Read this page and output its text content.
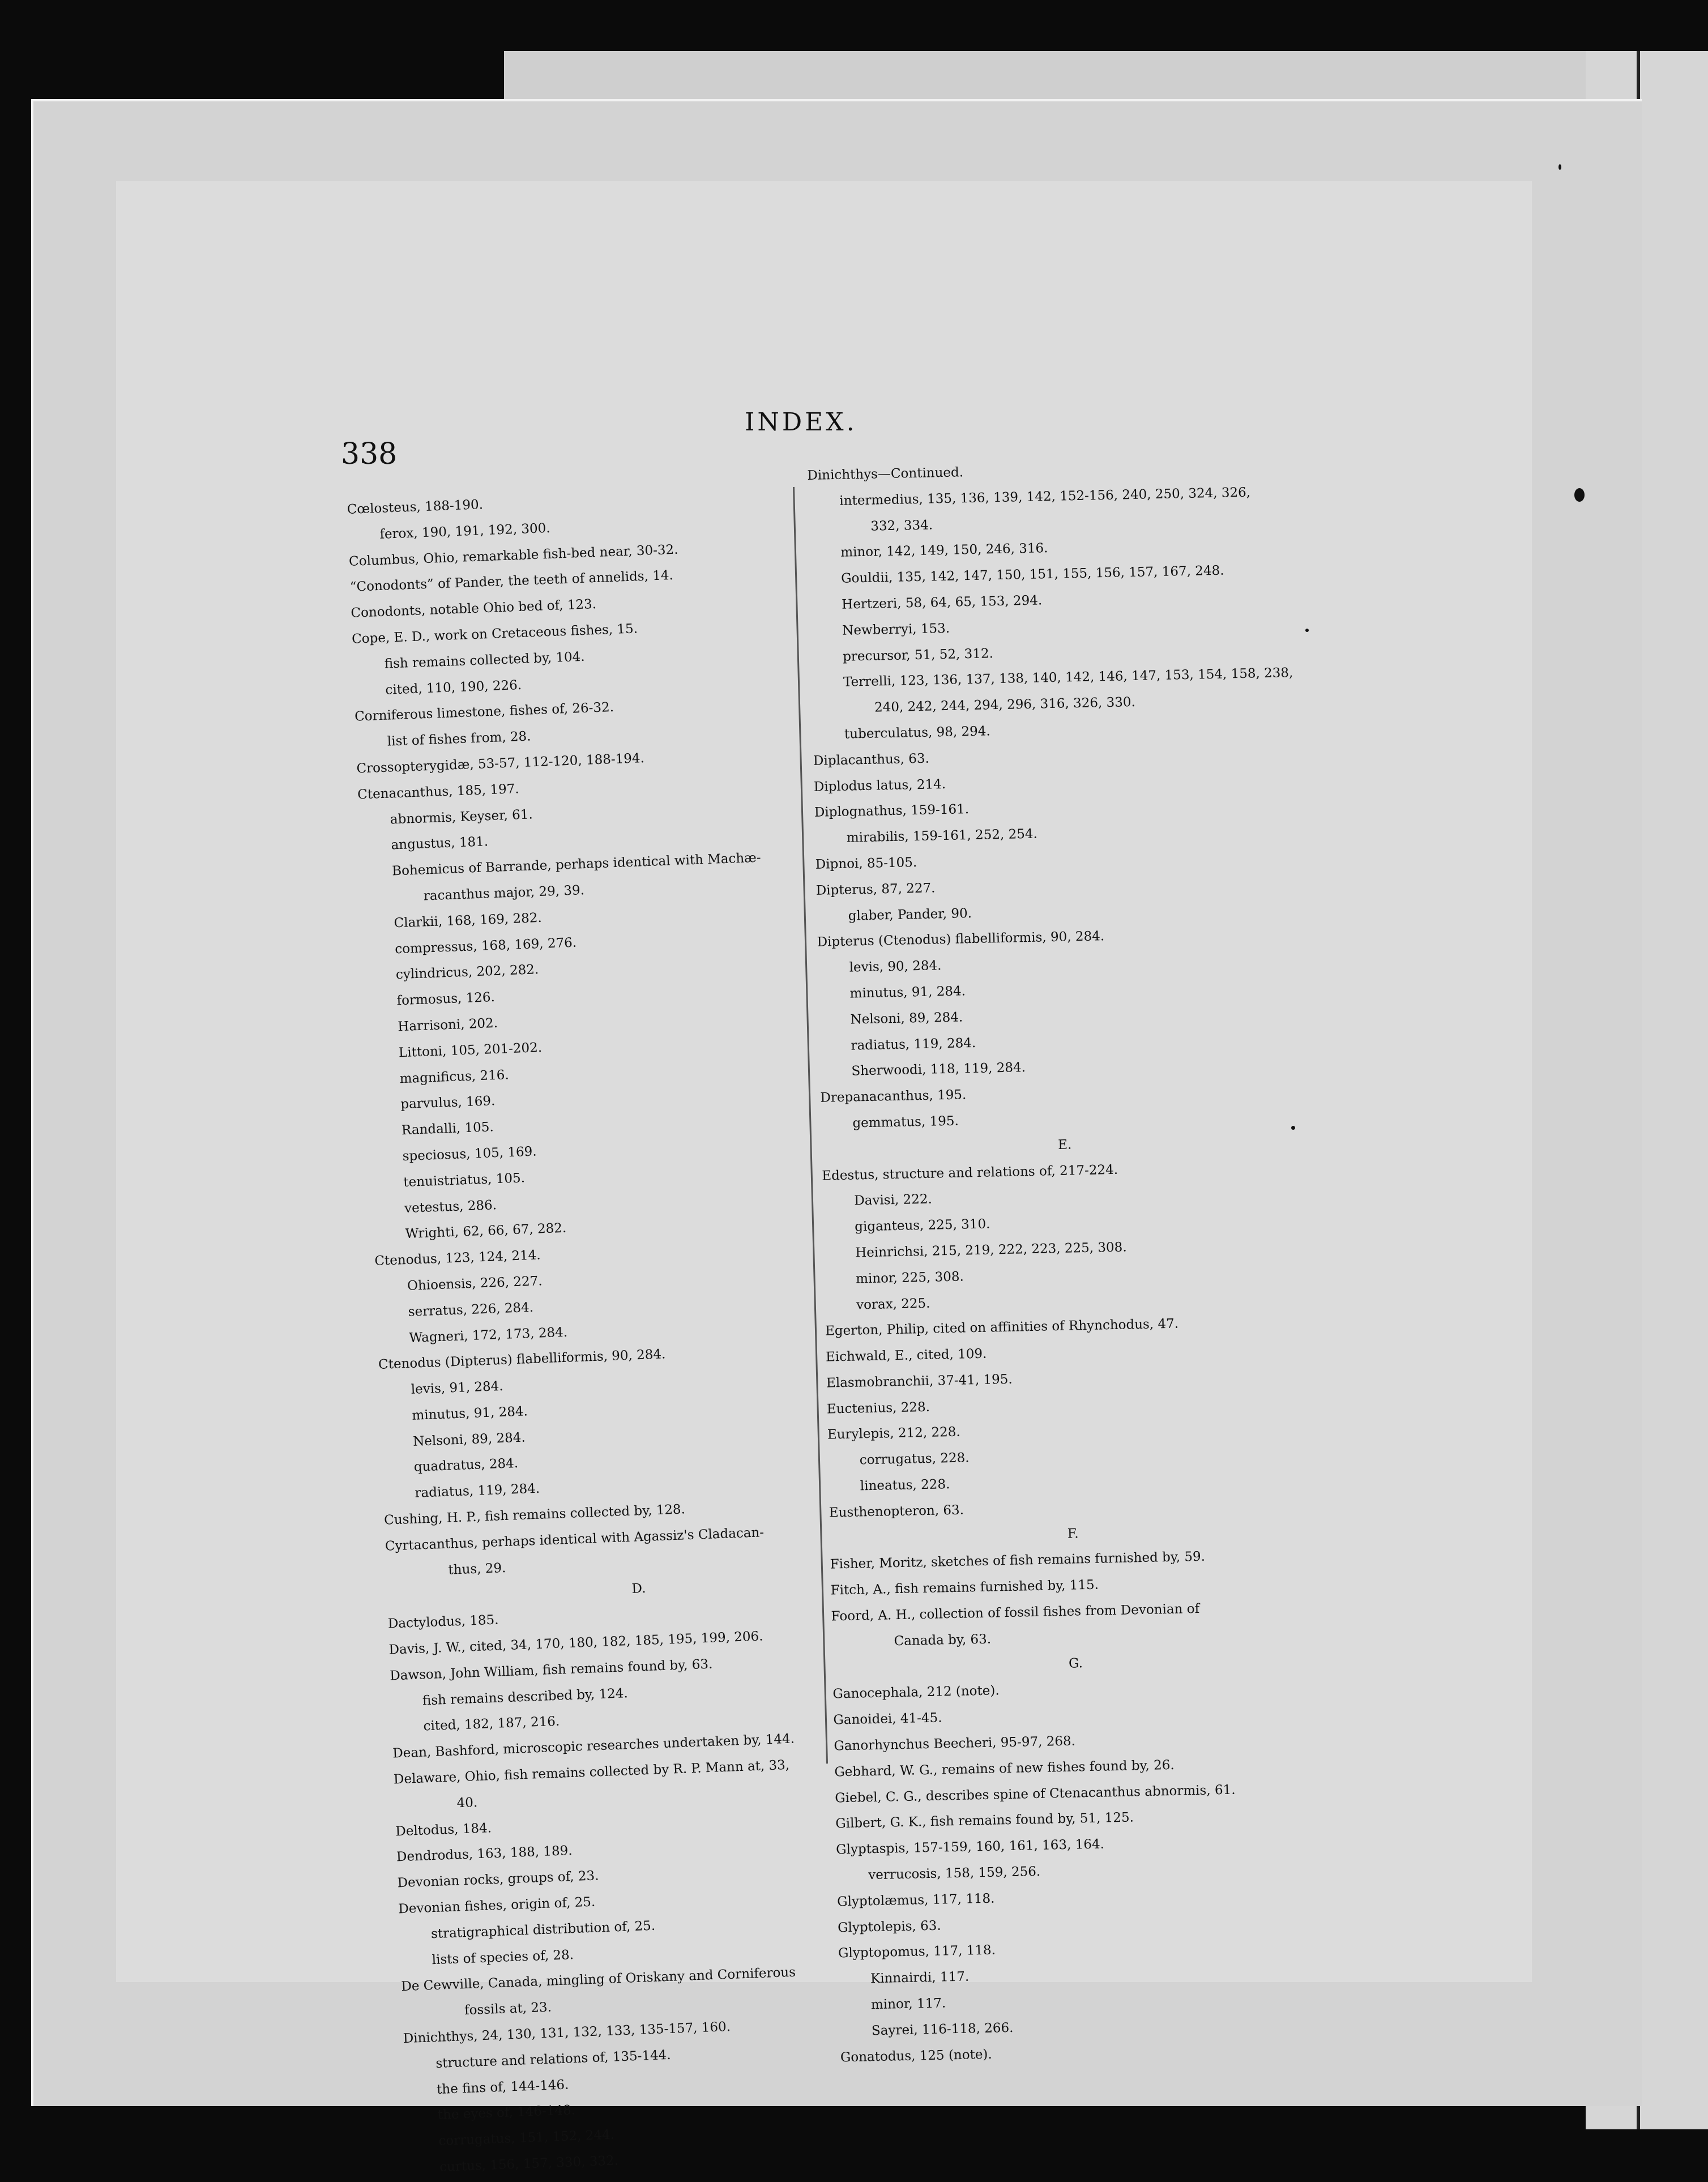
338
INDEX.
Cœlosteus, 188-190.
ferox, 190, 191, 192, 300.
Columbus, Ohio, remarkable fish-bed near, 30-32.
“Conodonts” of Pander, the teeth of annelids, 14.
Conodonts, notable Ohio bed of, 123.
Cope, E. D., work on Cretaceous fishes, 15.
fish remains collected by, 104.
cited, 110, 190, 226.
Corniferous limestone, fishes of, 26-32.
list of fishes from, 28.
Crossopterygidæ, 53-57, 112-120, 188-194.
Ctenacanthus, 185, 197.
abnormis, Keyser, 61.
angustus, 181.
Bohemicus of Barrande, perhaps identical with Machæ-
racanthus major, 29, 39.
Clarkii, 168, 169, 282.
compressus, 168, 169, 276.
cylindricus, 202, 282.
formosus, 126.
Harrisoni, 202.
Littoni, 105, 201-202.
magnificus, 216.
parvulus, 169.
Randalli, 105.
speciosus, 105, 169.
tenuistriatus, 105.
vetestus, 286.
Wrighti, 62, 66, 67, 282.
Ctenodus, 123, 124, 214.
Ohioensis, 226, 227.
serratus, 226, 284.
Wagneri, 172, 173, 284.
Ctenodus (Dipterus) flabelliformis, 90, 284.
levis, 91, 284.
minutus, 91, 284.
Nelsoni, 89, 284.
quadratus, 284.
radiatus, 119, 284.
Cushing, H. P., fish remains collected by, 128.
Cyrtacanthus, perhaps identical with Agassiz's Cladacan-
thus, 29.
D.
Dactylodus, 185.
Davis, J. W., cited, 34, 170, 180, 182, 185, 195, 199, 206.
Dawson, John William, fish remains found by, 63.
fish remains described by, 124.
cited, 182, 187, 216.
Dean, Bashford, microscopic researches undertaken by, 144.
Delaware, Ohio, fish remains collected by R. P. Mann at, 33,
40.
Deltodus, 184.
Dendrodus, 163, 188, 189.
Devonian rocks, groups of, 23.
Devonian fishes, origin of, 25.
stratigraphical distribution of, 25.
lists of species of, 28.
De Cewville, Canada, mingling of Oriskany and Corniferous
fossils at, 23.
Dinichthys, 24, 130, 131, 132, 133, 135-157, 160.
structure and relations of, 135-144.
the fins of, 144-146.
the eyes of, 146-148.
corrugatus, 151, 152, 244.
curtus, 156, 157, 330, 332.
Dinichthys—Continued.
intermedius, 135, 136, 139, 142, 152-156, 240, 250, 324, 326,
332, 334.
minor, 142, 149, 150, 246, 316.
Gouldii, 135, 142, 147, 150, 151, 155, 156, 157, 167, 248.
Hertzeri, 58, 64, 65, 153, 294.
Newberryi, 153.
precursor, 51, 52, 312.
Terrelli, 123, 136, 137, 138, 140, 142, 146, 147, 153, 154, 158, 238,
240, 242, 244, 294, 296, 316, 326, 330.
tuberculatus, 98, 294.
Diplacanthus, 63.
Diplodus latus, 214.
Diplognathus, 159-161.
mirabilis, 159-161, 252, 254.
Dipnoi, 85-105.
Dipterus, 87, 227.
glaber, Pander, 90.
Dipterus (Ctenodus) flabelliformis, 90, 284.
levis, 90, 284.
minutus, 91, 284.
Nelsoni, 89, 284.
radiatus, 119, 284.
Sherwoodi, 118, 119, 284.
Drepanacanthus, 195.
gemmatus, 195.
E.
Edestus, structure and relations of, 217-224.
Davisi, 222.
giganteus, 225, 310.
Heinrichsi, 215, 219, 222, 223, 225, 308.
minor, 225, 308.
vorax, 225.
Egerton, Philip, cited on affinities of Rhynchodus, 47.
Eichwald, E., cited, 109.
Elasmobranchii, 37-41, 195.
Euctenius, 228.
Eurylepis, 212, 228.
corrugatus, 228.
lineatus, 228.
Eusthenopteron, 63.
F.
Fisher, Moritz, sketches of fish remains furnished by, 59.
Fitch, A., fish remains furnished by, 115.
Foord, A. H., collection of fossil fishes from Devonian of
Canada by, 63.
G.
Ganocephala, 212 (note).
Ganoidei, 41-45.
Ganorhynchus Beecheri, 95-97, 268.
Gebhard, W. G., remains of new fishes found by, 26.
Giebel, C. G., describes spine of Ctenacanthus abnormis, 61.
Gilbert, G. K., fish remains found by, 51, 125.
Glyptaspis, 157-159, 160, 161, 163, 164.
verrucosis, 158, 159, 256.
Glyptolæmus, 117, 118.
Glyptolepis, 63.
Glyptopomus, 117, 118.
Kinnairdi, 117.
minor, 117.
Sayrei, 116-118, 266.
Gonatodus, 125 (note).
